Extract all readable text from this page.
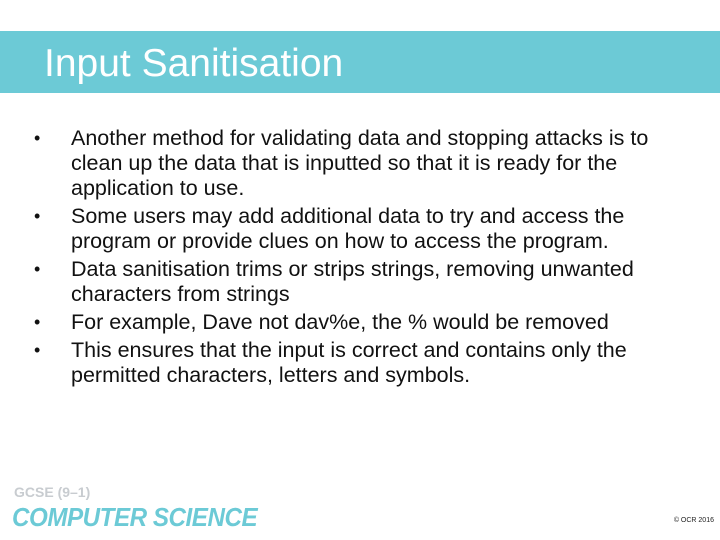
Input Sanitisation
•	Another method for validating data and stopping attacks is to clean up the data that is inputted so that it is ready for the application to use.
•	Some users may add additional data to try and access the program or provide clues on how to access the program.
•	Data sanitisation trims or strips strings, removing unwanted characters from strings
•	For example, Dave not dav%e, the % would be removed
•	This ensures that the input is correct and contains only the permitted characters, letters and symbols.
GCSE (9–1)
COMPUTER SCIENCE	© OCR 2016
